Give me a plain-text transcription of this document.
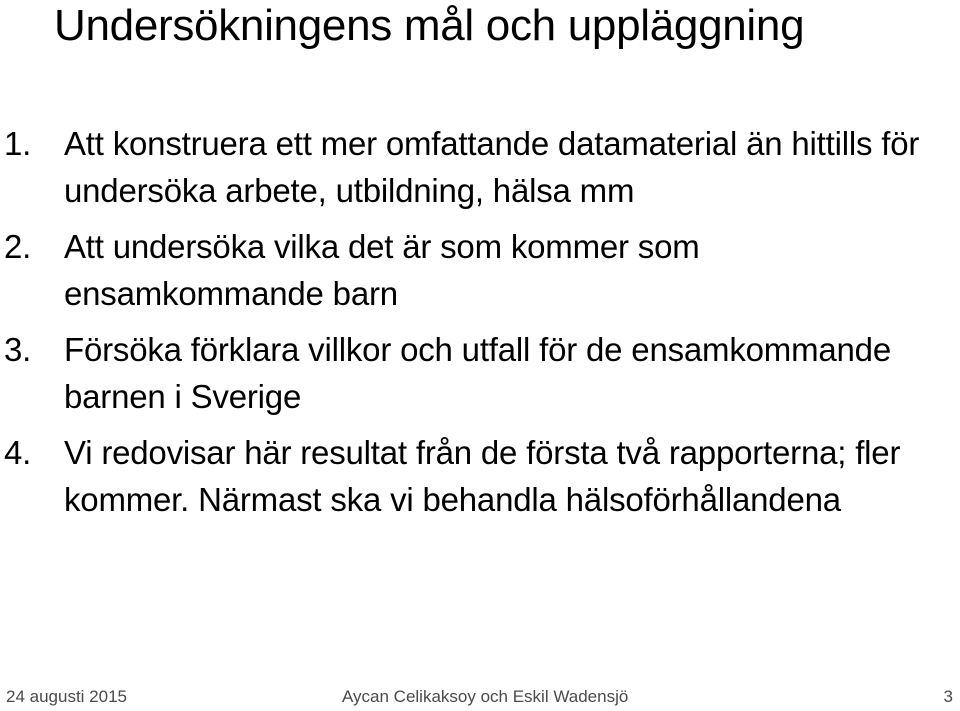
Undersökningens mål och uppläggning
1. Att konstruera ett mer omfattande datamaterial än hittills för undersöka arbete, utbildning, hälsa mm
2. Att undersöka vilka det är som kommer som ensamkommande barn
3. Försöka förklara villkor och utfall för de ensamkommande barnen i Sverige
4. Vi redovisar här resultat från de första två rapporterna; fler kommer. Närmast ska vi behandla hälsoförhållandena
24 augusti 2015	Aycan Celikaksoy och Eskil Wadensjö	3
